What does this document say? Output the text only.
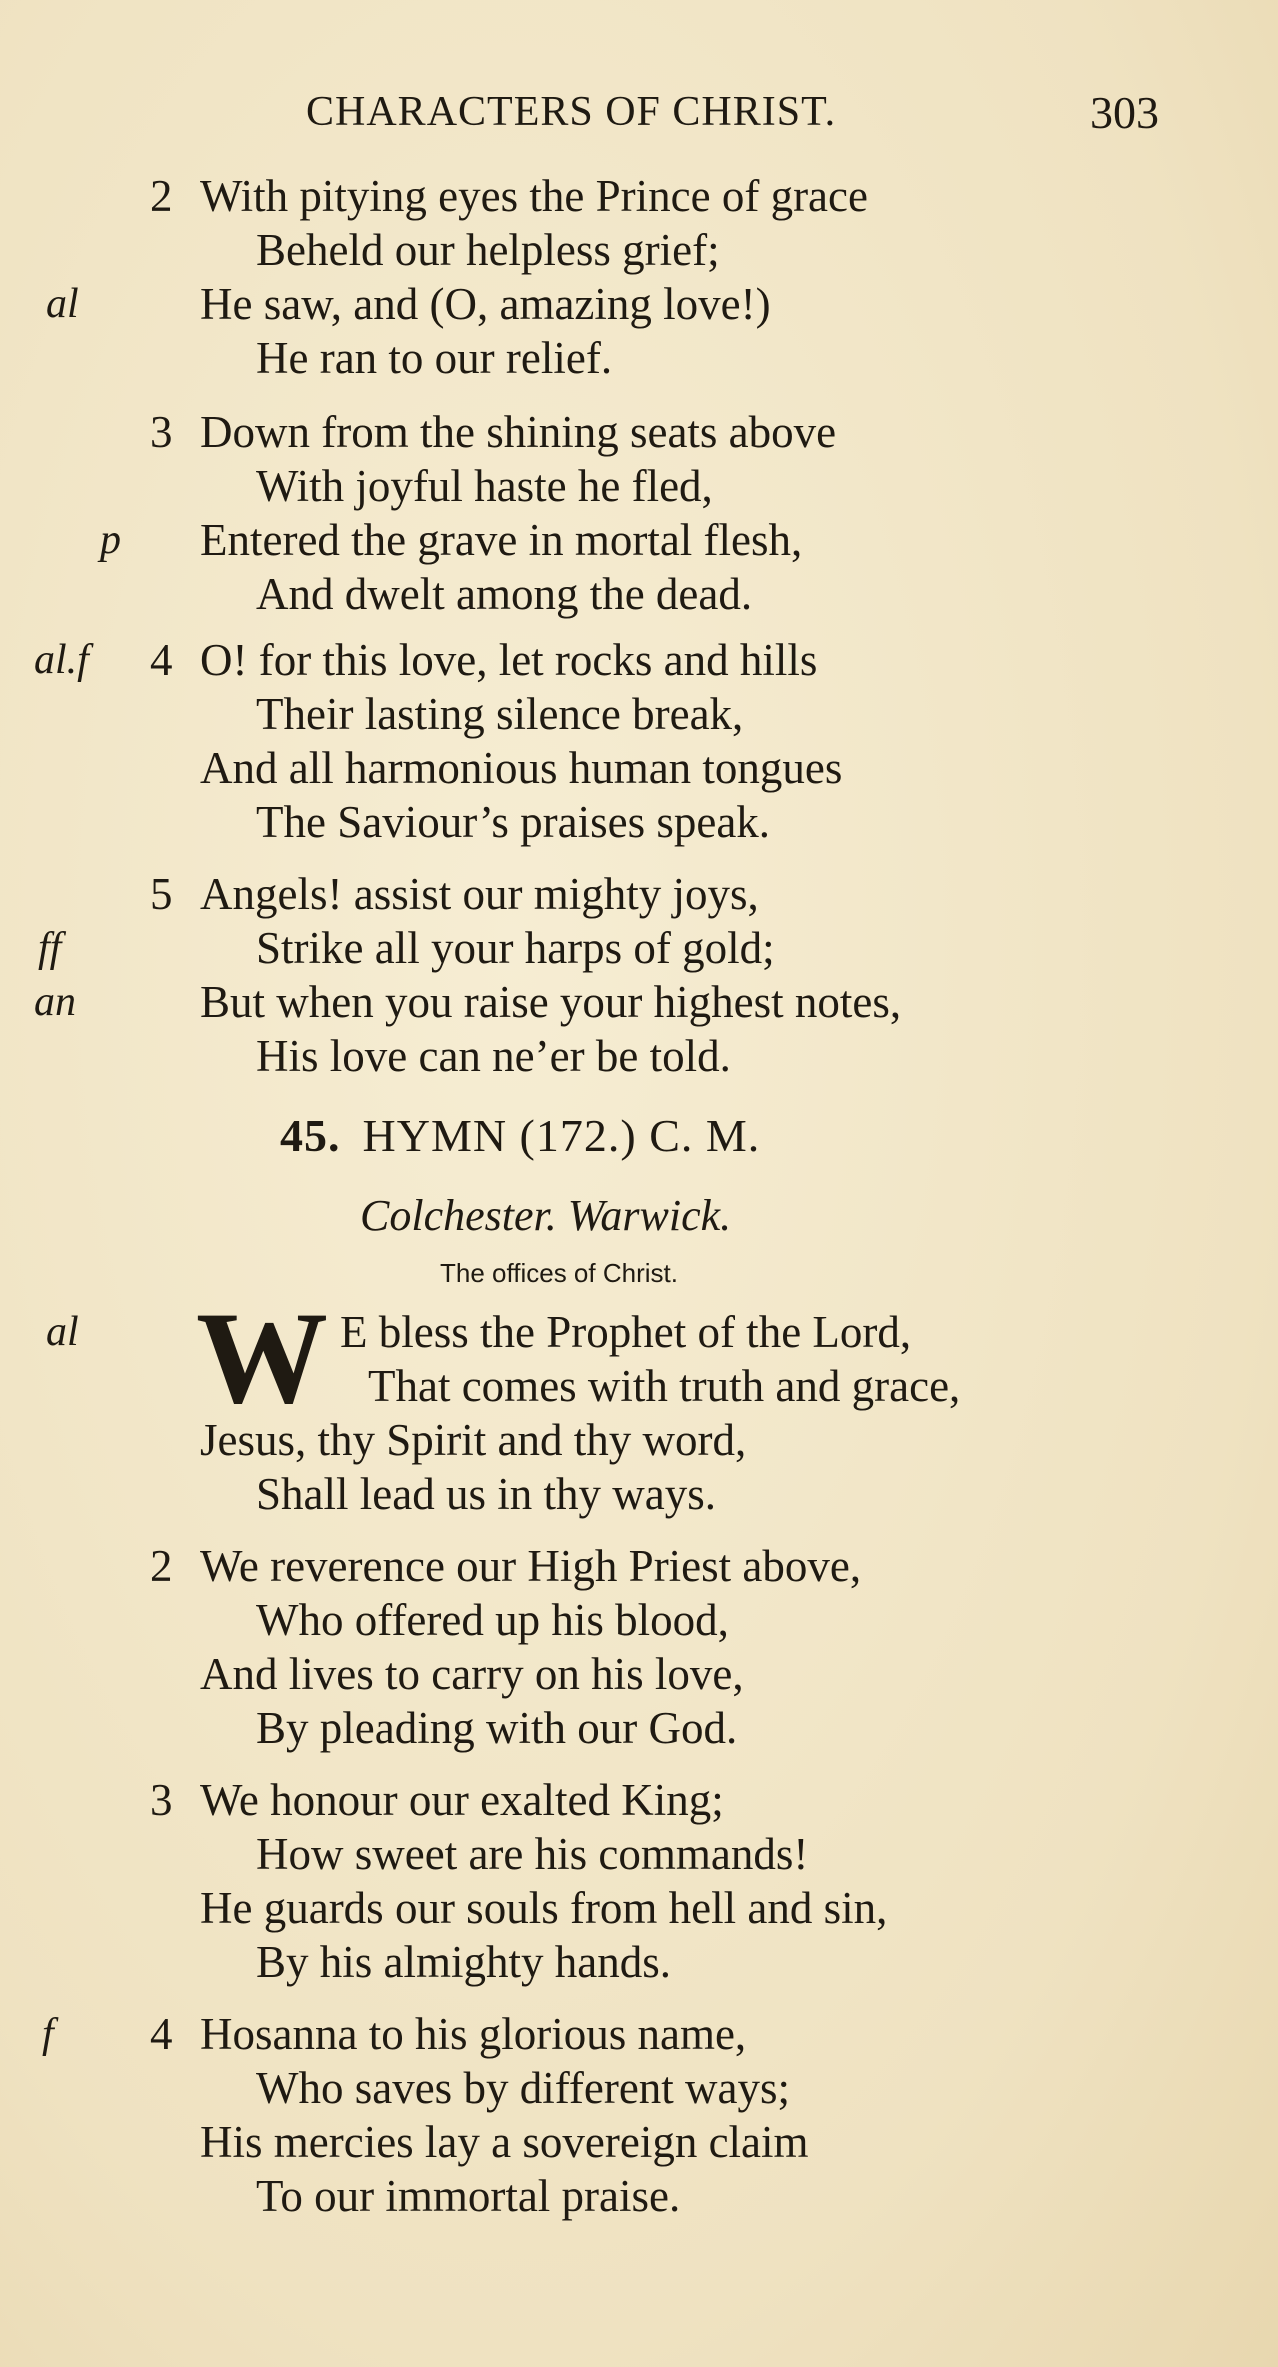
CHARACTERS OF CHRIST.	303
2 With pitying eyes the Prince of grace
Beheld our helpless grief;
al	He saw, and (O, amazing love!)
He ran to our relief.
3 Down from the shining seats above
With joyful haste he fled,
p Entered the grave in mortal flesh,
And dwelt among the dead.
al.f 4 O! for this love, let rocks and hills
Their lasting silence break,
And all harmonious human tongues
The Saviour’s praises speak.
5 Angels! assist our mighty joys,
ff	Strike all your harps of gold;
an	But when you raise your highest notes,
His love can ne’er be told.
45. HYMN (172.) C. M.
Colchester. Warwick.
The offices of Christ.
al W E bless the Prophet of the Lord,
That comes with truth and grace,
Jesus, thy Spirit and thy word,
Shall lead us in thy ways.
2 We reverence our High Priest above,
Who offered up his blood,
And lives to carry on his love,
By pleading with our God.
3 We honour our exalted King;
How sweet are his commands!
He guards our souls from hell and sin,
By his almighty hands.
f 4 Hosanna to his glorious name,
Who saves by different ways;
His mercies lay a sovereign claim
To our immortal praise.
